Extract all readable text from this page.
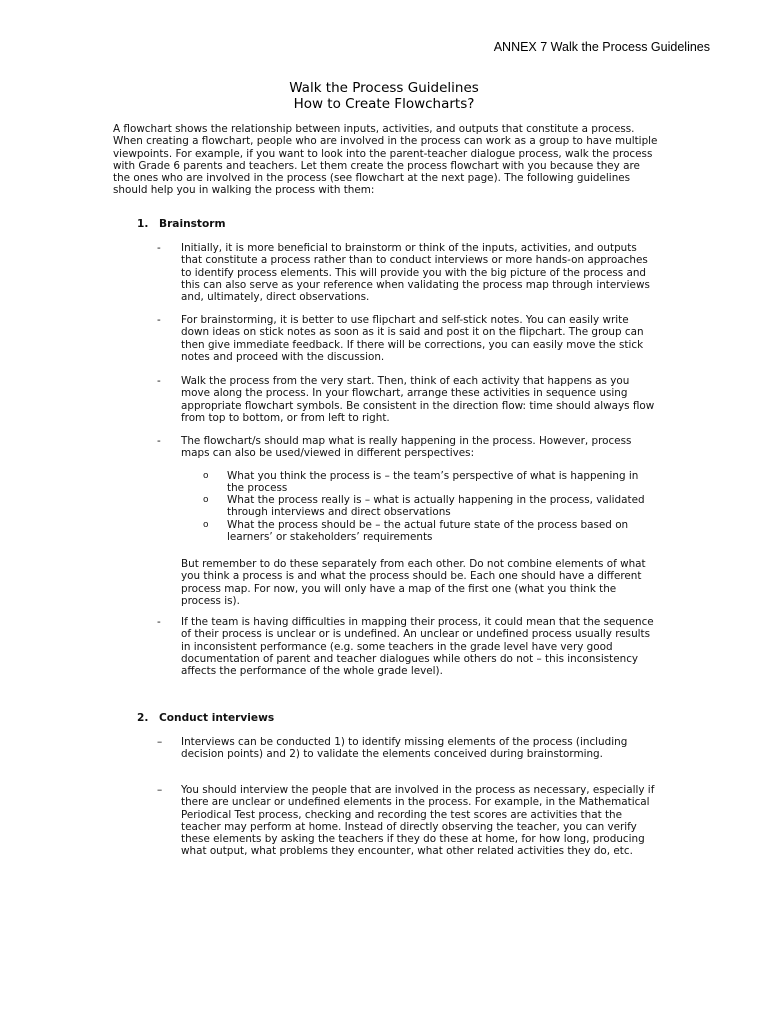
ANNEX 7 Walk the Process Guidelines
Walk the Process Guidelines
How to Create Flowcharts?

A flowchart shows the relationship between inputs, activities, and outputs that constitute a process. When creating a flowchart, people who are involved in the process can work as a group to have multiple viewpoints. For example, if you want to look into the parent-teacher dialogue process, walk the process with Grade 6 parents and teachers. Let them create the process flowchart with you because they are the ones who are involved in the process (see flowchart at the next page). The following guidelines should help you in walking the process with them:

1. Brainstorm
- Initially, it is more beneficial to brainstorm or think of the inputs, activities, and outputs that constitute a process rather than to conduct interviews or more hands-on approaches to identify process elements. This will provide you with the big picture of the process and this can also serve as your reference when validating the process map through interviews and, ultimately, direct observations.
- For brainstorming, it is better to use flipchart and self-stick notes. You can easily write down ideas on stick notes as soon as it is said and post it on the flipchart. The group can then give immediate feedback. If there will be corrections, you can easily move the stick notes and proceed with the discussion.
- Walk the process from the very start. Then, think of each activity that happens as you move along the process. In your flowchart, arrange these activities in sequence using appropriate flowchart symbols. Be consistent in the direction flow: time should always flow from top to bottom, or from left to right.
- The flowchart/s should map what is really happening in the process. However, process maps can also be used/viewed in different perspectives:
o What you think the process is – the team’s perspective of what is happening in the process
o What the process really is – what is actually happening in the process, validated through interviews and direct observations
o What the process should be – the actual future state of the process based on learners’ or stakeholders’ requirements
But remember to do these separately from each other. Do not combine elements of what you think a process is and what the process should be. Each one should have a different process map. For now, you will only have a map of the first one (what you think the process is).
- If the team is having difficulties in mapping their process, it could mean that the sequence of their process is unclear or is undefined. An unclear or undefined process usually results in inconsistent performance (e.g. some teachers in the grade level have very good documentation of parent and teacher dialogues while others do not – this inconsistency affects the performance of the whole grade level).
2. Conduct interviews
– Interviews can be conducted 1) to identify missing elements of the process (including decision points) and 2) to validate the elements conceived during brainstorming.
– You should interview the people that are involved in the process as necessary, especially if there are unclear or undefined elements in the process. For example, in the Mathematical Periodical Test process, checking and recording the test scores are activities that the teacher may perform at home. Instead of directly observing the teacher, you can verify these elements by asking the teachers if they do these at home, for how long, producing what output, what problems they encounter, what other related activities they do, etc.
